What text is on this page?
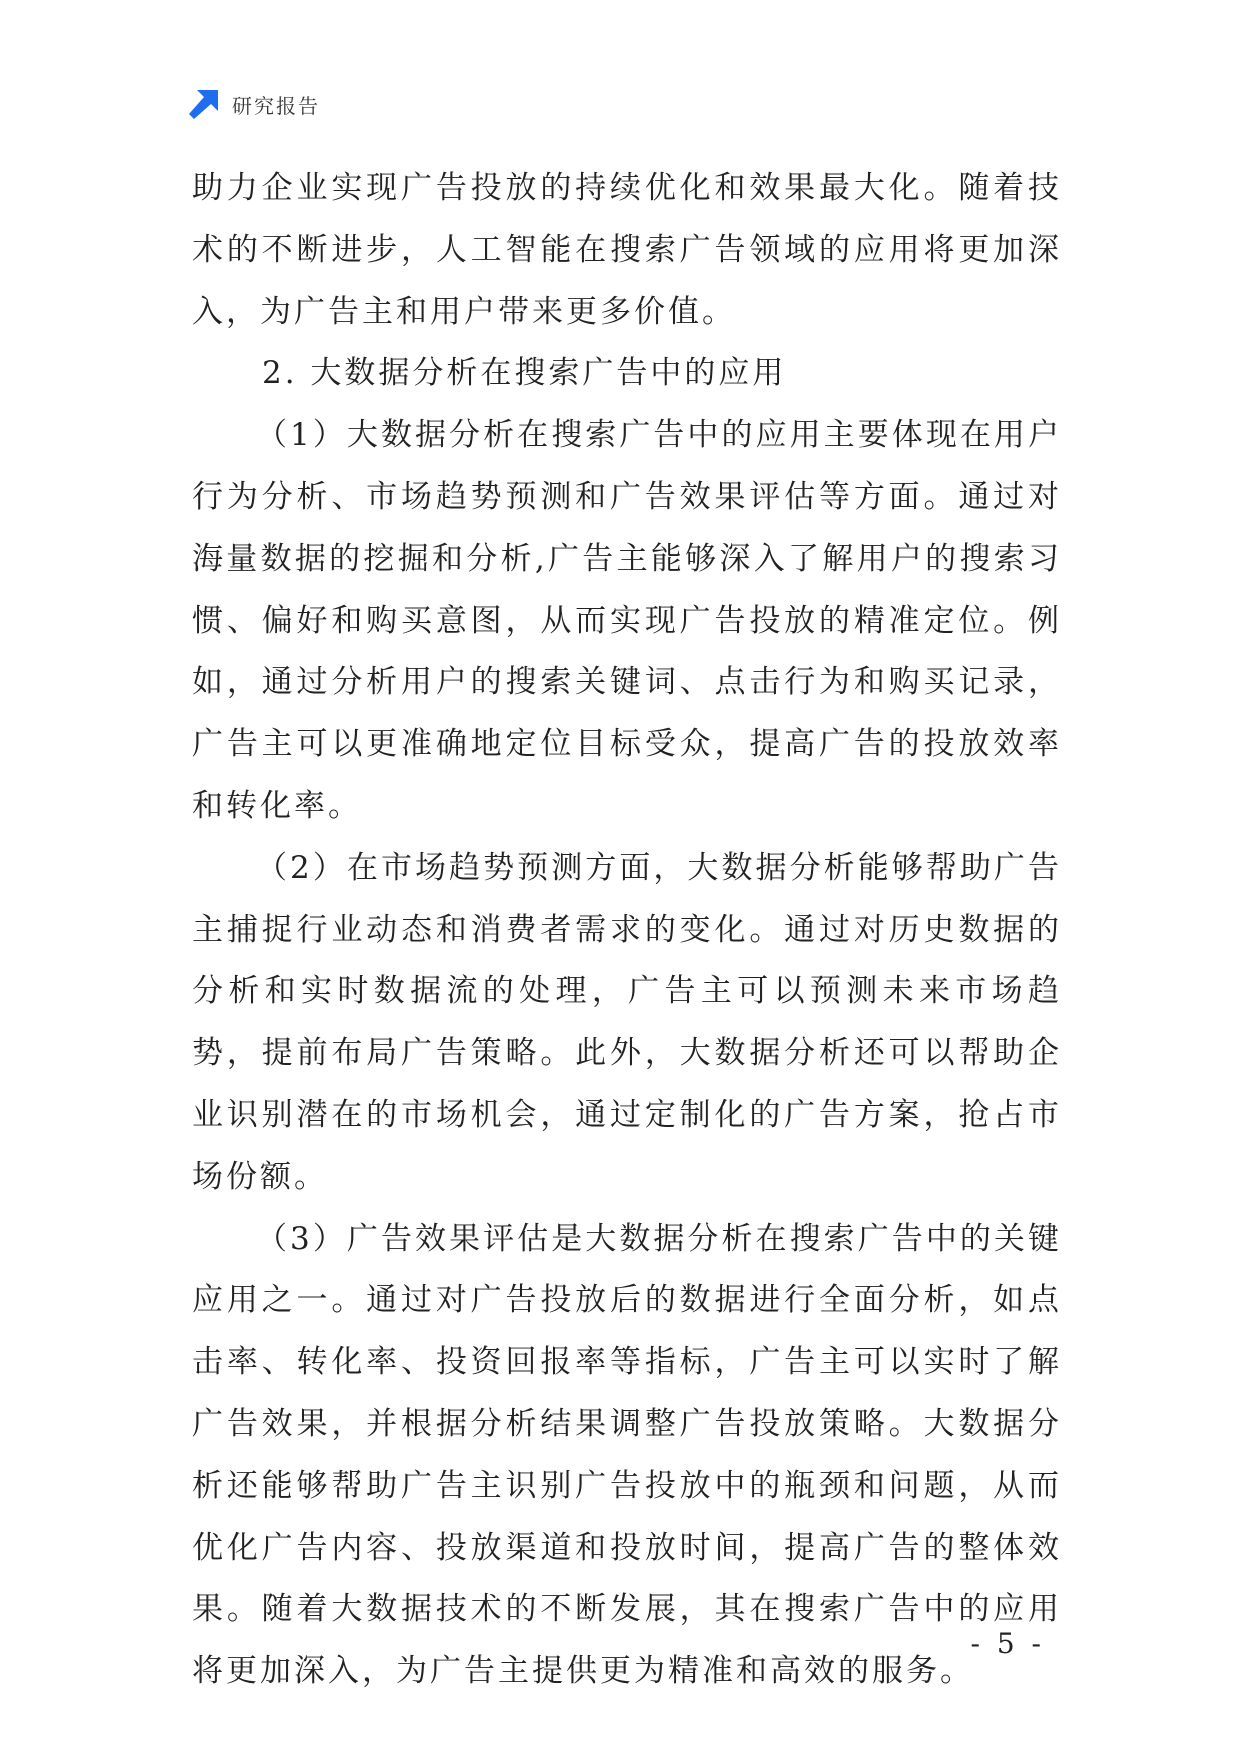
研究报告

助力企业实现广告投放的持续优化和效果最大化。随着技术的不断进步，人工智能在搜索广告领域的应用将更加深入，为广告主和用户带来更多价值。

2. 大数据分析在搜索广告中的应用

（1）大数据分析在搜索广告中的应用主要体现在用户行为分析、市场趋势预测和广告效果评估等方面。通过对海量数据的挖掘和分析,广告主能够深入了解用户的搜索习惯、偏好和购买意图，从而实现广告投放的精准定位。例如，通过分析用户的搜索关键词、点击行为和购买记录，广告主可以更准确地定位目标受众，提高广告的投放效率和转化率。

（2）在市场趋势预测方面，大数据分析能够帮助广告主捕捉行业动态和消费者需求的变化。通过对历史数据的分析和实时数据流的处理，广告主可以预测未来市场趋势，提前布局广告策略。此外，大数据分析还可以帮助企业识别潜在的市场机会，通过定制化的广告方案，抢占市场份额。

（3）广告效果评估是大数据分析在搜索广告中的关键应用之一。通过对广告投放后的数据进行全面分析，如点击率、转化率、投资回报率等指标，广告主可以实时了解广告效果，并根据分析结果调整广告投放策略。大数据分析还能够帮助广告主识别广告投放中的瓶颈和问题，从而优化广告内容、投放渠道和投放时间，提高广告的整体效果。随着大数据技术的不断发展，其在搜索广告中的应用将更加深入，为广告主提供更为精准和高效的服务。

- 5 -
